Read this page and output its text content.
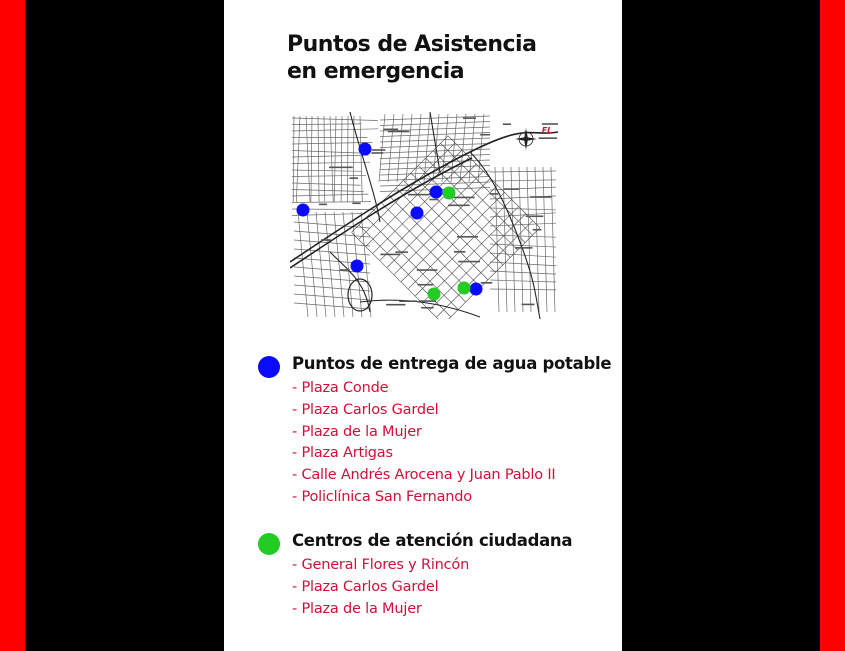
Puntos de Asistencia
en emergencia
FL
Puntos de entrega de agua potable
- Plaza Conde
- Plaza Carlos Gardel
- Plaza de la Mujer
- Plaza Artigas
- Calle Andrés Arocena y Juan Pablo II
- Policlínica San Fernando
Centros de atención ciudadana
- General Flores y Rincón
- Plaza Carlos Gardel
- Plaza de la Mujer
